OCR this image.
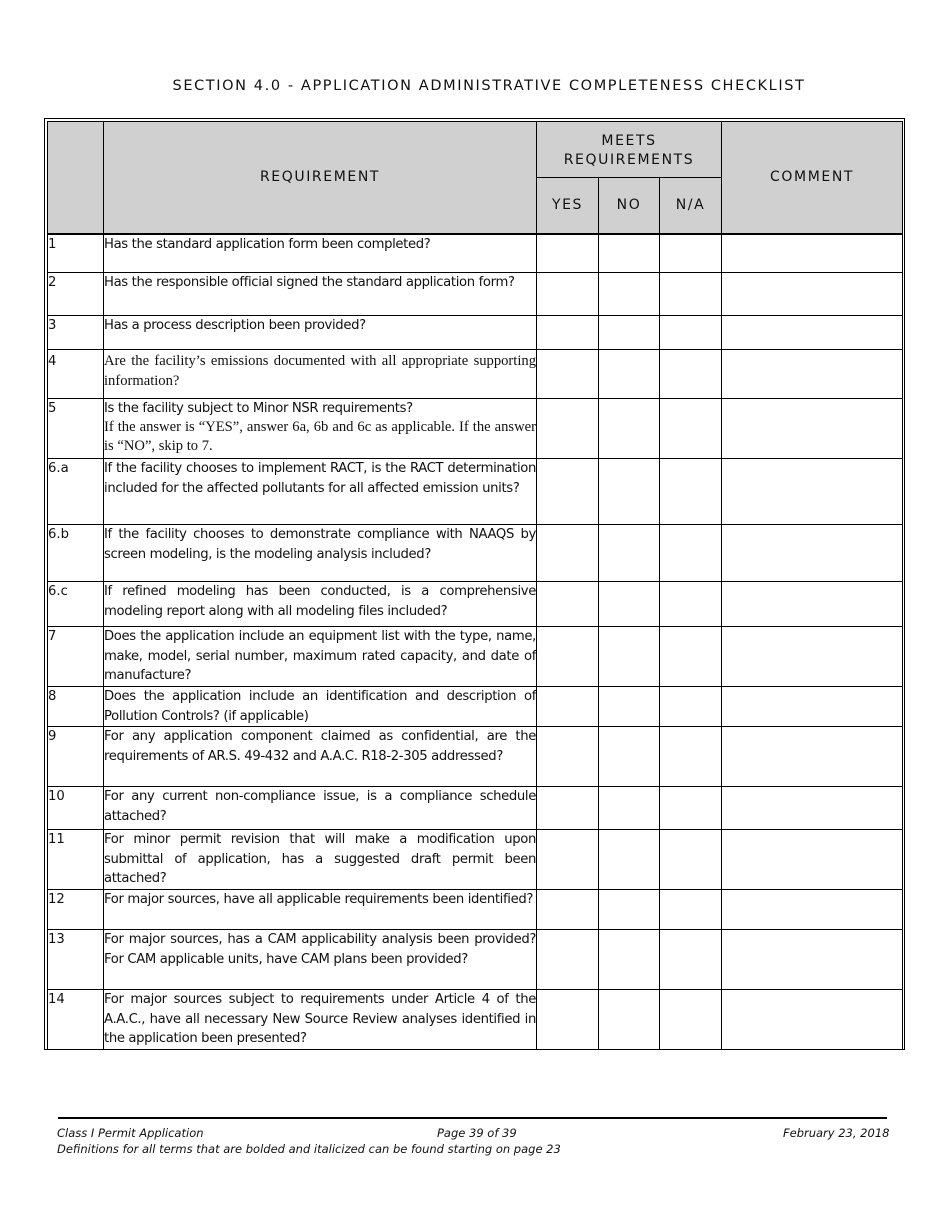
SECTION 4.0 - APPLICATION ADMINISTRATIVE COMPLETENESS CHECKLIST
	REQUIREMENT	MEETS REQUIREMENTS			COMMENT
		YES	NO	N/A	
1	Has the standard application form been completed?				
2	Has the responsible official signed the standard application form?				
3	Has a process description been provided?				
4	Are the facility’s emissions documented with all appropriate supporting information?				
5	Is the facility subject to Minor NSR requirements?
If the answer is “YES”, answer 6a, 6b and 6c as applicable. If the answer is “NO”, skip to 7.				

6.a	If the facility chooses to implement RACT, is the RACT determination included for the affected pollutants for all affected emission units?				
6.b	If the facility chooses to demonstrate compliance with NAAQS by screen modeling, is the modeling analysis included?				
6.c	If refined modeling has been conducted, is a comprehensive modeling report along with all modeling files included?				
7	Does the application include an equipment list with the type, name, make, model, serial number, maximum rated capacity, and date of manufacture?				
8	Does the application include an identification and description of Pollution Controls? (if applicable)				
9	For any application component claimed as confidential, are the requirements of AR.S. 49-432 and A.A.C. R18-2-305 addressed?				
10	For any current non-compliance issue, is a compliance schedule attached?				
11	For minor permit revision that will make a modification upon submittal of application, has a suggested draft permit been attached?				
12	For major sources, have all applicable requirements been identified?				
13	For major sources, has a CAM applicability analysis been provided? For CAM applicable units, have CAM plans been provided?				
14	For major sources subject to requirements under Article 4 of the A.A.C., have all necessary New Source Review analyses identified in the application been presented?				
Class I Permit Application	Page 39 of 39	February 23, 2018
Definitions for all terms that are bolded and italicized can be found starting on page 23
